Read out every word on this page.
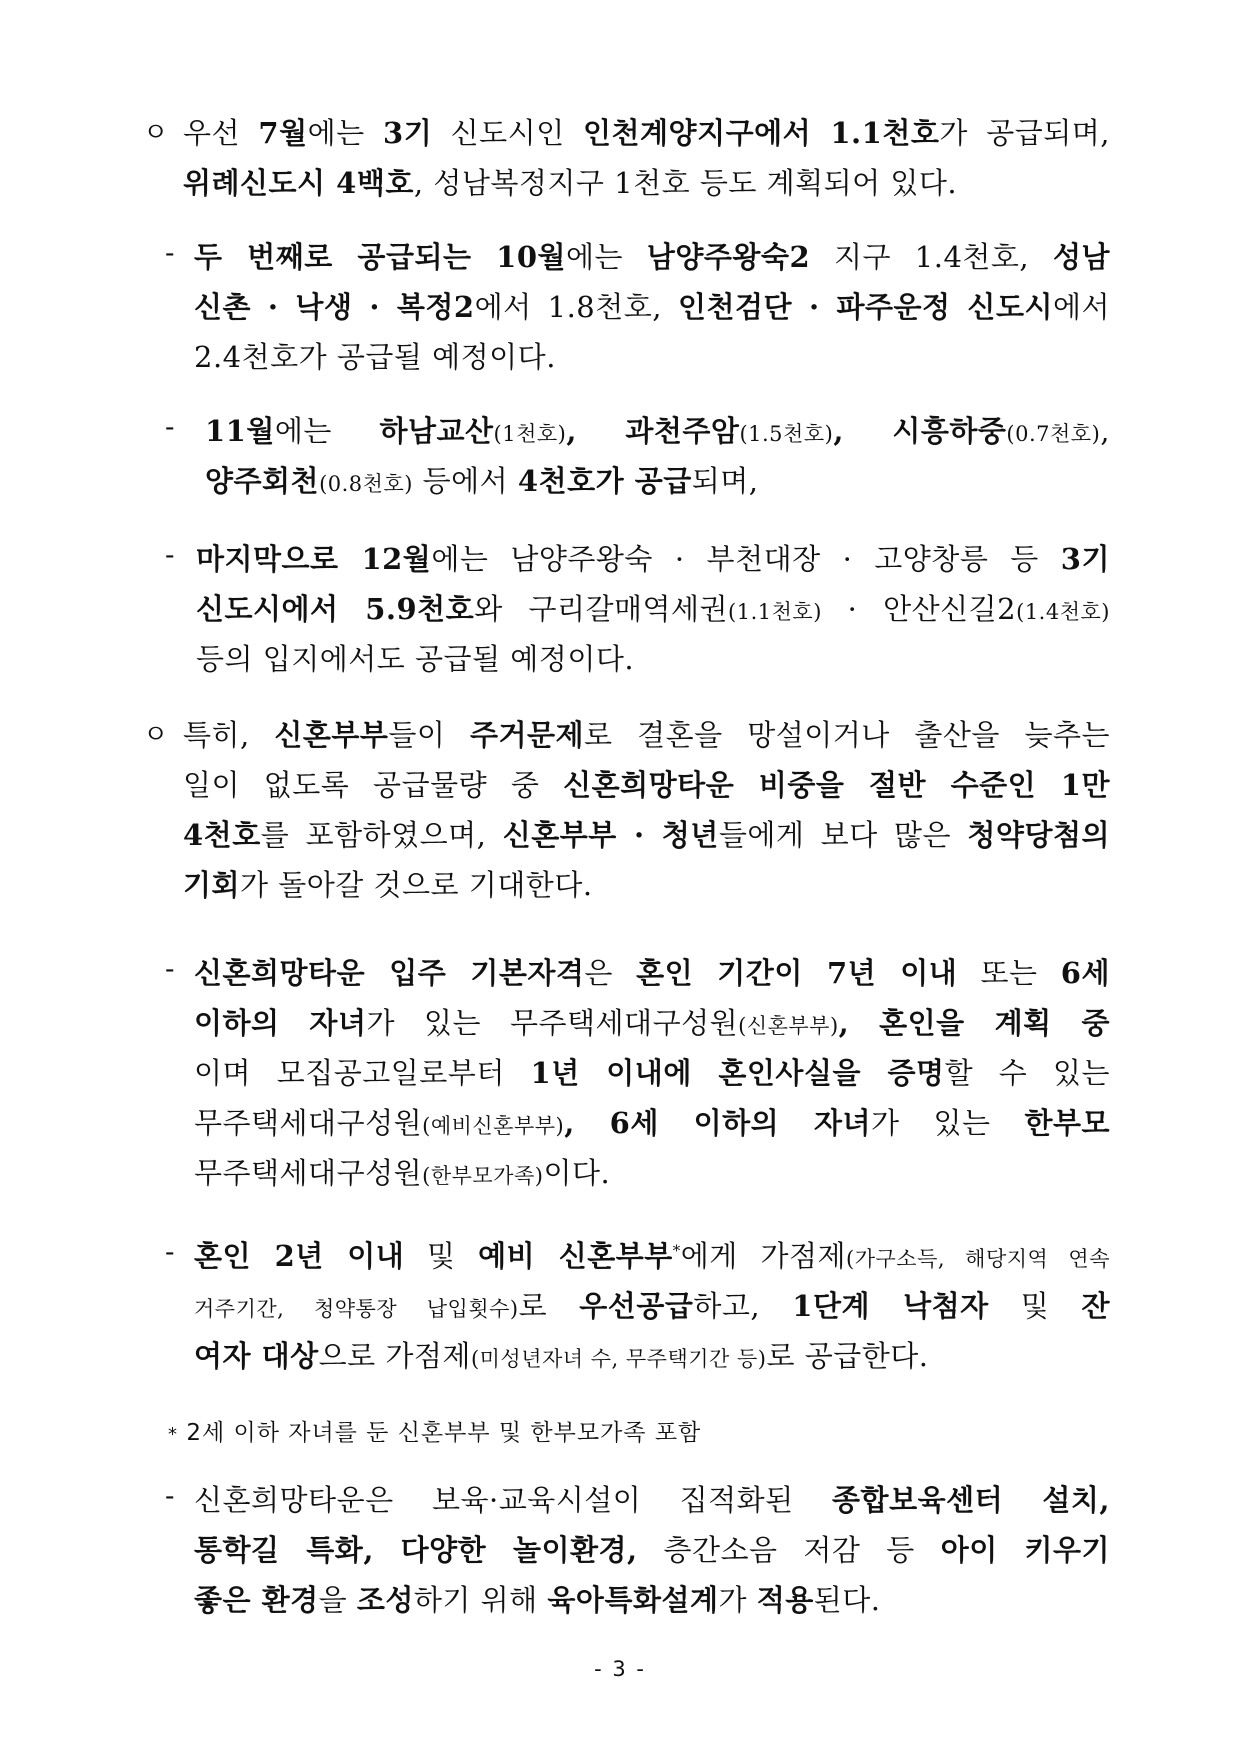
ㅇ 우선 7월에는 3기 신도시인 인천계양지구에서 1.1천호가 공급되며,
위례신도시 4백호, 성남복정지구 1천호 등도 계획되어 있다.
- 두 번째로 공급되는 10월에는 남양주왕숙2 지구 1.4천호, 성남
신촌 · 낙생 · 복정2에서 1.8천호, 인천검단 · 파주운정 신도시에서
2.4천호가 공급될 예정이다.
- 11월에는 하남교산(1천호), 과천주암(1.5천호), 시흥하중(0.7천호),
양주회천(0.8천호) 등에서 4천호가 공급되며,
- 마지막으로 12월에는 남양주왕숙 · 부천대장 · 고양창릉 등 3기
신도시에서 5.9천호와 구리갈매역세권(1.1천호) · 안산신길2(1.4천호)
등의 입지에서도 공급될 예정이다.
ㅇ 특히, 신혼부부들이 주거문제로 결혼을 망설이거나 출산을 늦추는
일이 없도록 공급물량 중 신혼희망타운 비중을 절반 수준인 1만
4천호를 포함하였으며, 신혼부부 · 청년들에게 보다 많은 청약당첨의
기회가 돌아갈 것으로 기대한다.
- 신혼희망타운 입주 기본자격은 혼인 기간이 7년 이내 또는 6세
이하의 자녀가 있는 무주택세대구성원(신혼부부), 혼인을 계획 중
이며 모집공고일로부터 1년 이내에 혼인사실을 증명할 수 있는
무주택세대구성원(예비신혼부부), 6세 이하의 자녀가 있는 한부모
무주택세대구성원(한부모가족)이다.
- 혼인 2년 이내 및 예비 신혼부부*에게 가점제(가구소득, 해당지역 연속
거주기간, 청약통장 납입횟수)로 우선공급하고, 1단계 낙첨자 및 잔
여자 대상으로 가점제(미성년자녀 수, 무주택기간 등)로 공급한다.
* 2세 이하 자녀를 둔 신혼부부 및 한부모가족 포함
- 신혼희망타운은 보육·교육시설이 집적화된 종합보육센터 설치,
통학길 특화, 다양한 놀이환경, 층간소음 저감 등 아이 키우기
좋은 환경을 조성하기 위해 육아특화설계가 적용된다.
- 3 -
